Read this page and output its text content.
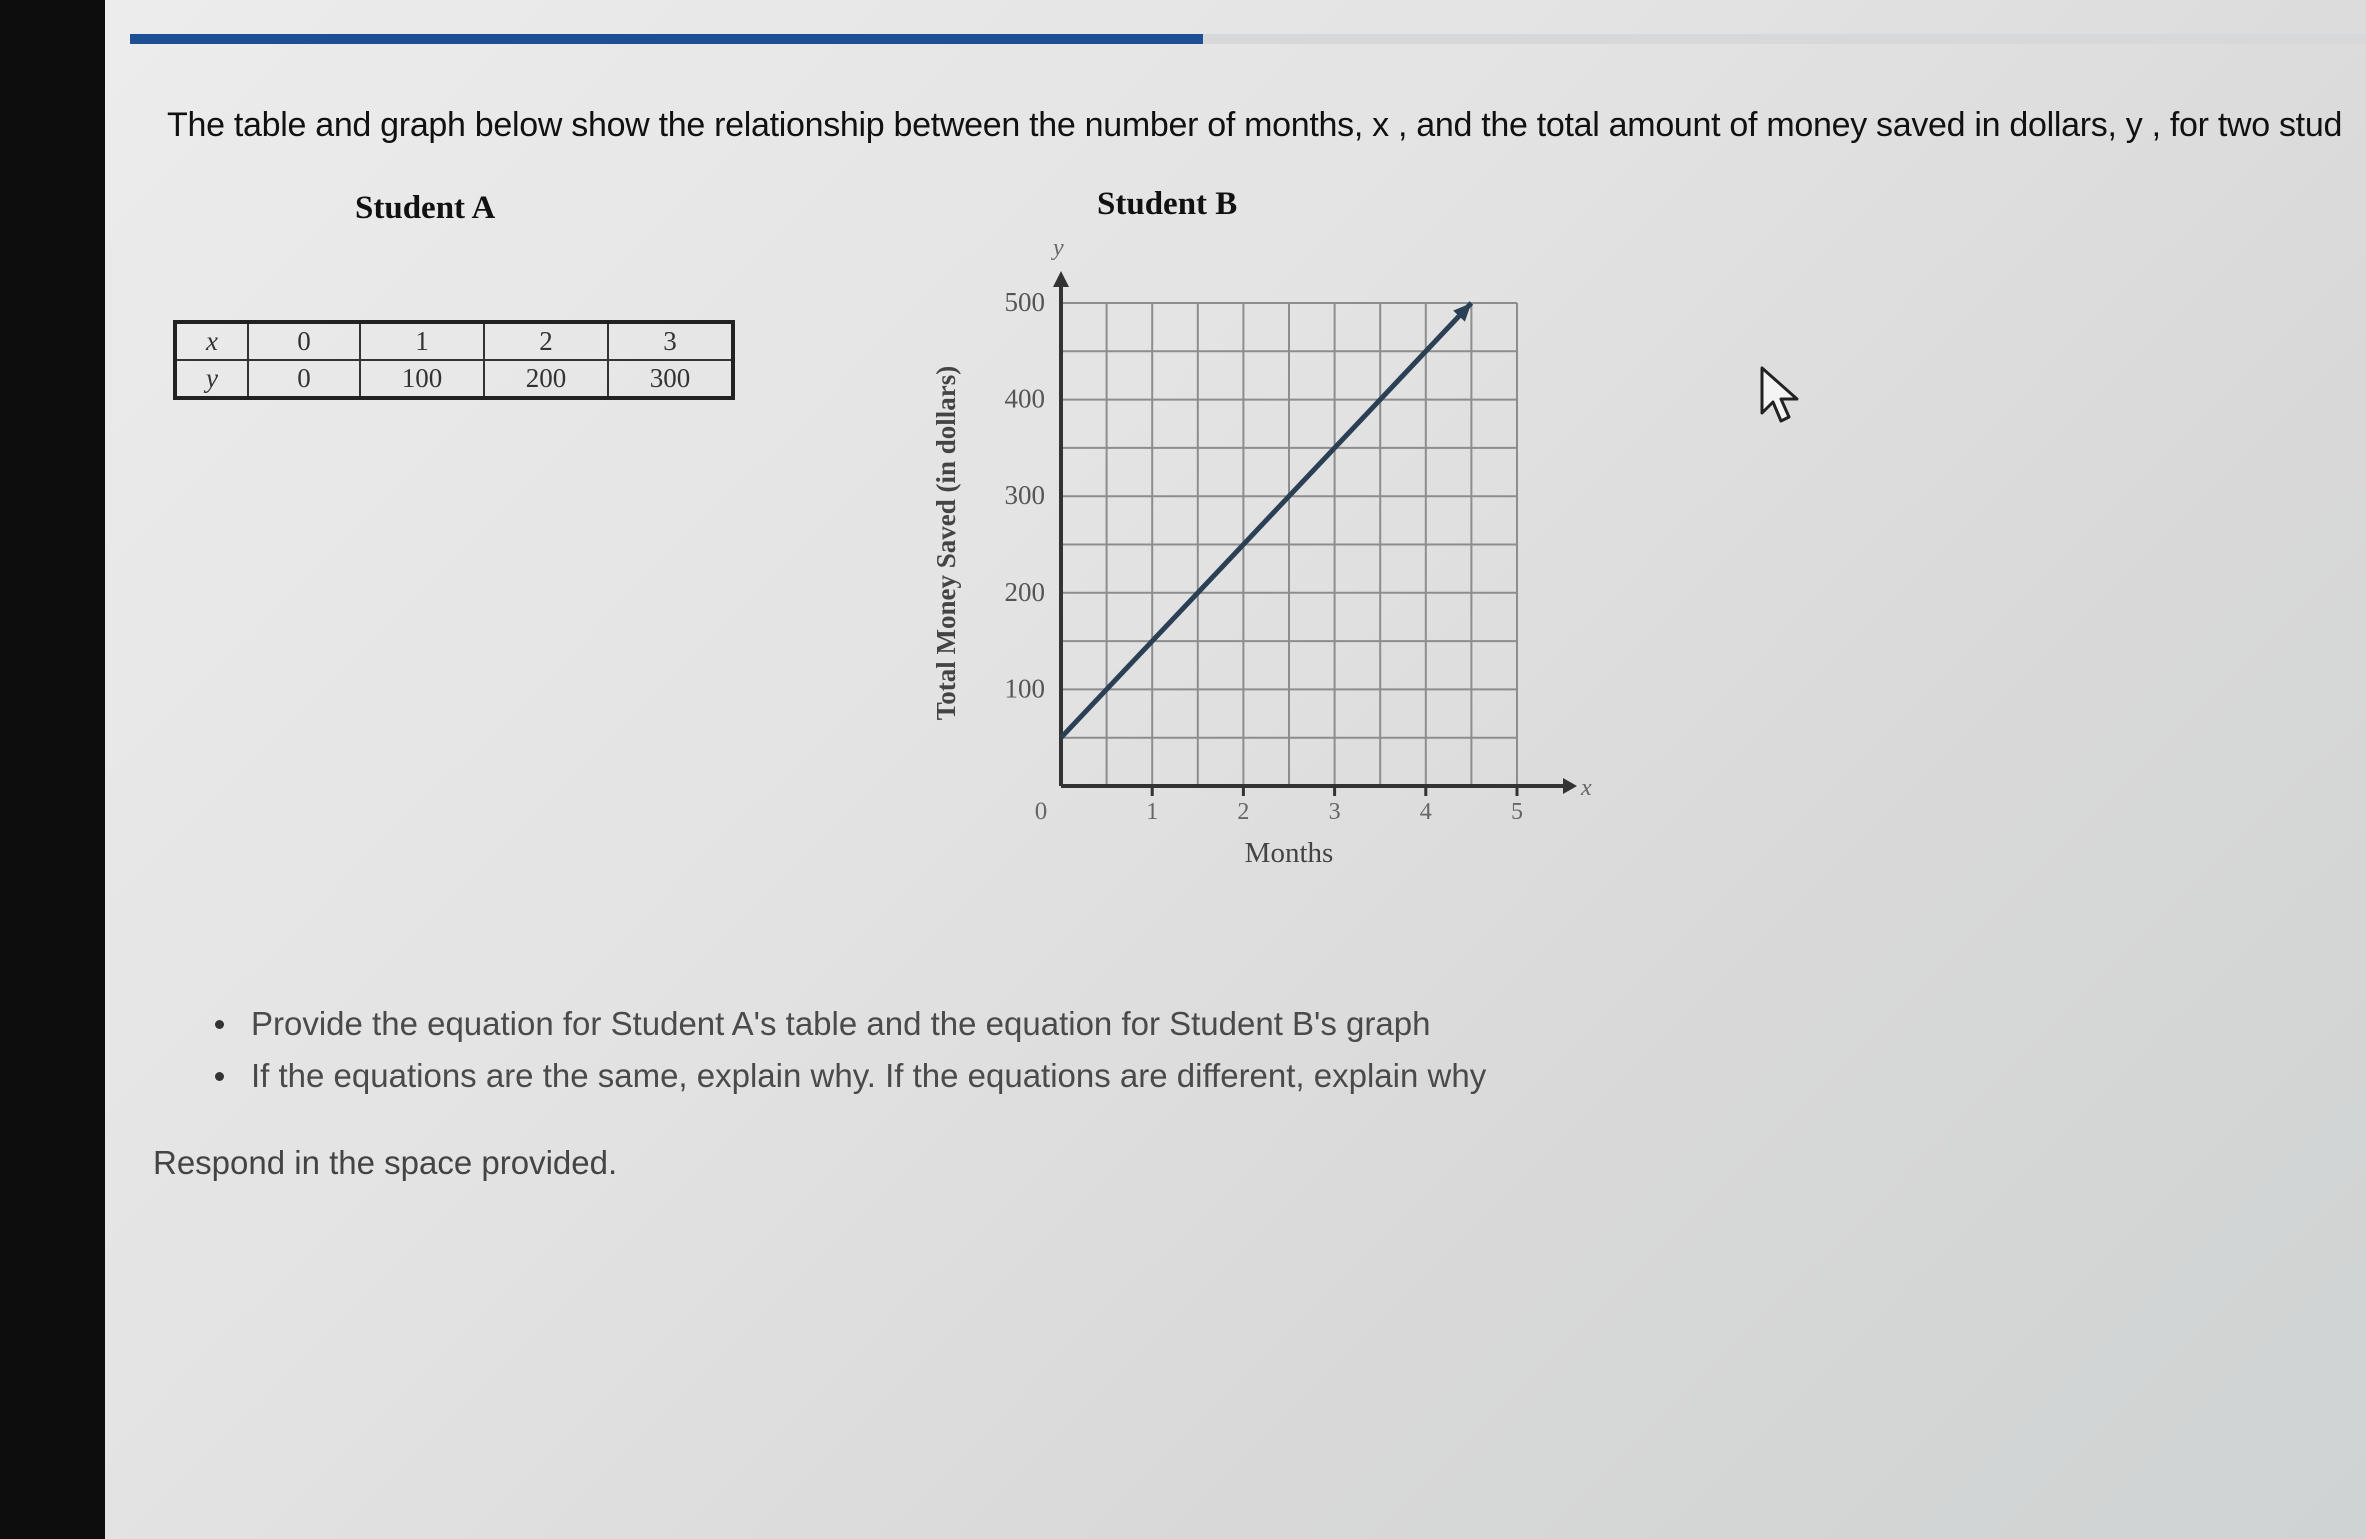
The table and graph below show the relationship between the number of months, x , and the total amount of money saved in dollars, y , for two stud
Student A	Student B
x	0	1	2	3
y	0	100	200	300
x
y
0	1	2	3	4	5
100
200
300
400
500
Months
Total Money Saved (in dollars)
Provide the equation for Student A's table and the equation for Student B's graph
If the equations are the same, explain why. If the equations are different, explain why
Respond in the space provided.
